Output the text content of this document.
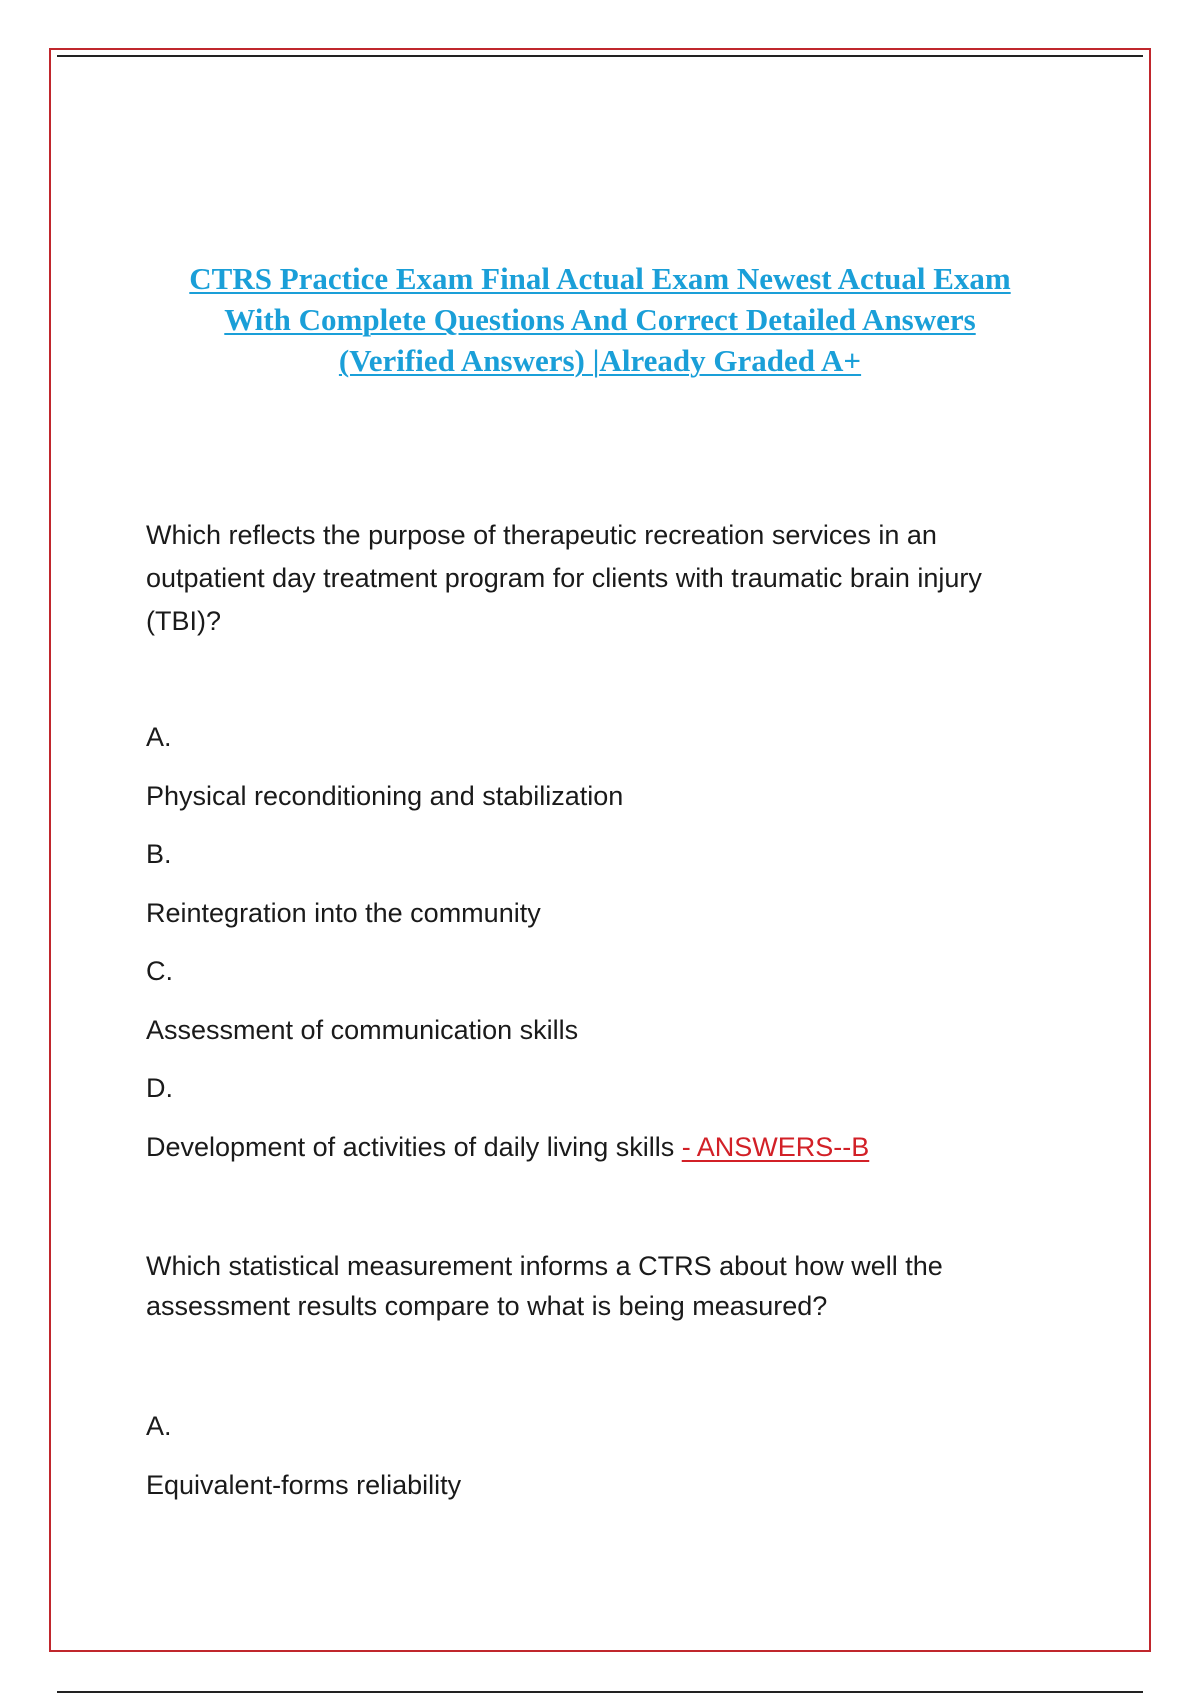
CTRS Practice Exam Final Actual Exam Newest Actual Exam
With Complete Questions And Correct Detailed Answers
(Verified Answers) |Already Graded A+
Which reflects the purpose of therapeutic recreation services in an outpatient day treatment program for clients with traumatic brain injury (TBI)?
A.
Physical reconditioning and stabilization
B.
Reintegration into the community
C.
Assessment of communication skills
D.
Development of activities of daily living skills - ANSWERS--B
Which statistical measurement informs a CTRS about how well the assessment results compare to what is being measured?
A.
Equivalent-forms reliability
